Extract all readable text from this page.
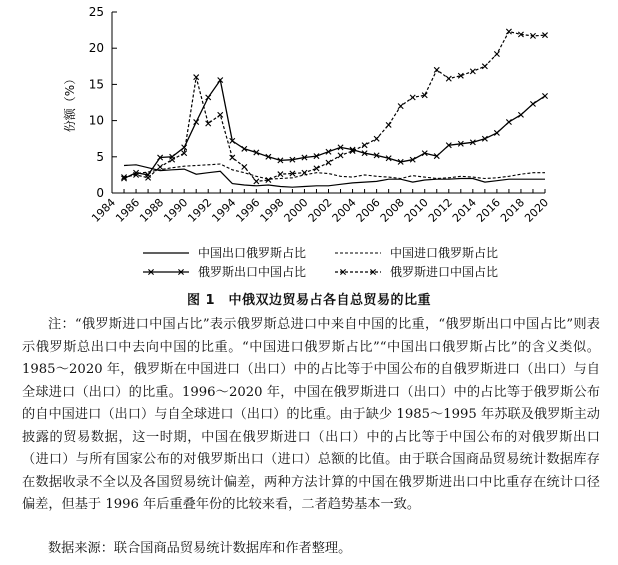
份额（%）
0
5
10
15
20
25
1984
1986
1988
1990
1992
1994
1996
1998
2000
2002
2004
2006
2008
2010
2012
2014
2016
2018
2020
中国出口俄罗斯占比	中国进口俄罗斯占比
俄罗斯出口中国占比	俄罗斯进口中国占比
图 1　中俄双边贸易占各自总贸易的比重

注：“俄罗斯进口中国占比”表示俄罗斯总进口中来自中国的比重，“俄罗斯出口中国占比”则表示俄罗斯总出口中去向中国的比重。“中国进口俄罗斯占比”“中国出口俄罗斯占比”的含义类似。1985～2020 年，俄罗斯在中国进口（出口）中的占比等于中国公布的自俄罗斯进口（出口）与自全球进口（出口）的比重。1996～2020 年，中国在俄罗斯进口（出口）中的占比等于俄罗斯公布的自中国进口（出口）与自全球进口（出口）的比重。由于缺少 1985～1995 年苏联及俄罗斯主动披露的贸易数据，这一时期，中国在俄罗斯进口（出口）中的占比等于中国公布的对俄罗斯出口（进口）与所有国家公布的对俄罗斯出口（进口）总额的比值。由于联合国商品贸易统计数据库存在数据收录不全以及各国贸易统计偏差，两种方法计算的中国在俄罗斯进出口中比重存在统计口径偏差，但基于 1996 年后重叠年份的比较来看，二者趋势基本一致。

数据来源：联合国商品贸易统计数据库和作者整理。
